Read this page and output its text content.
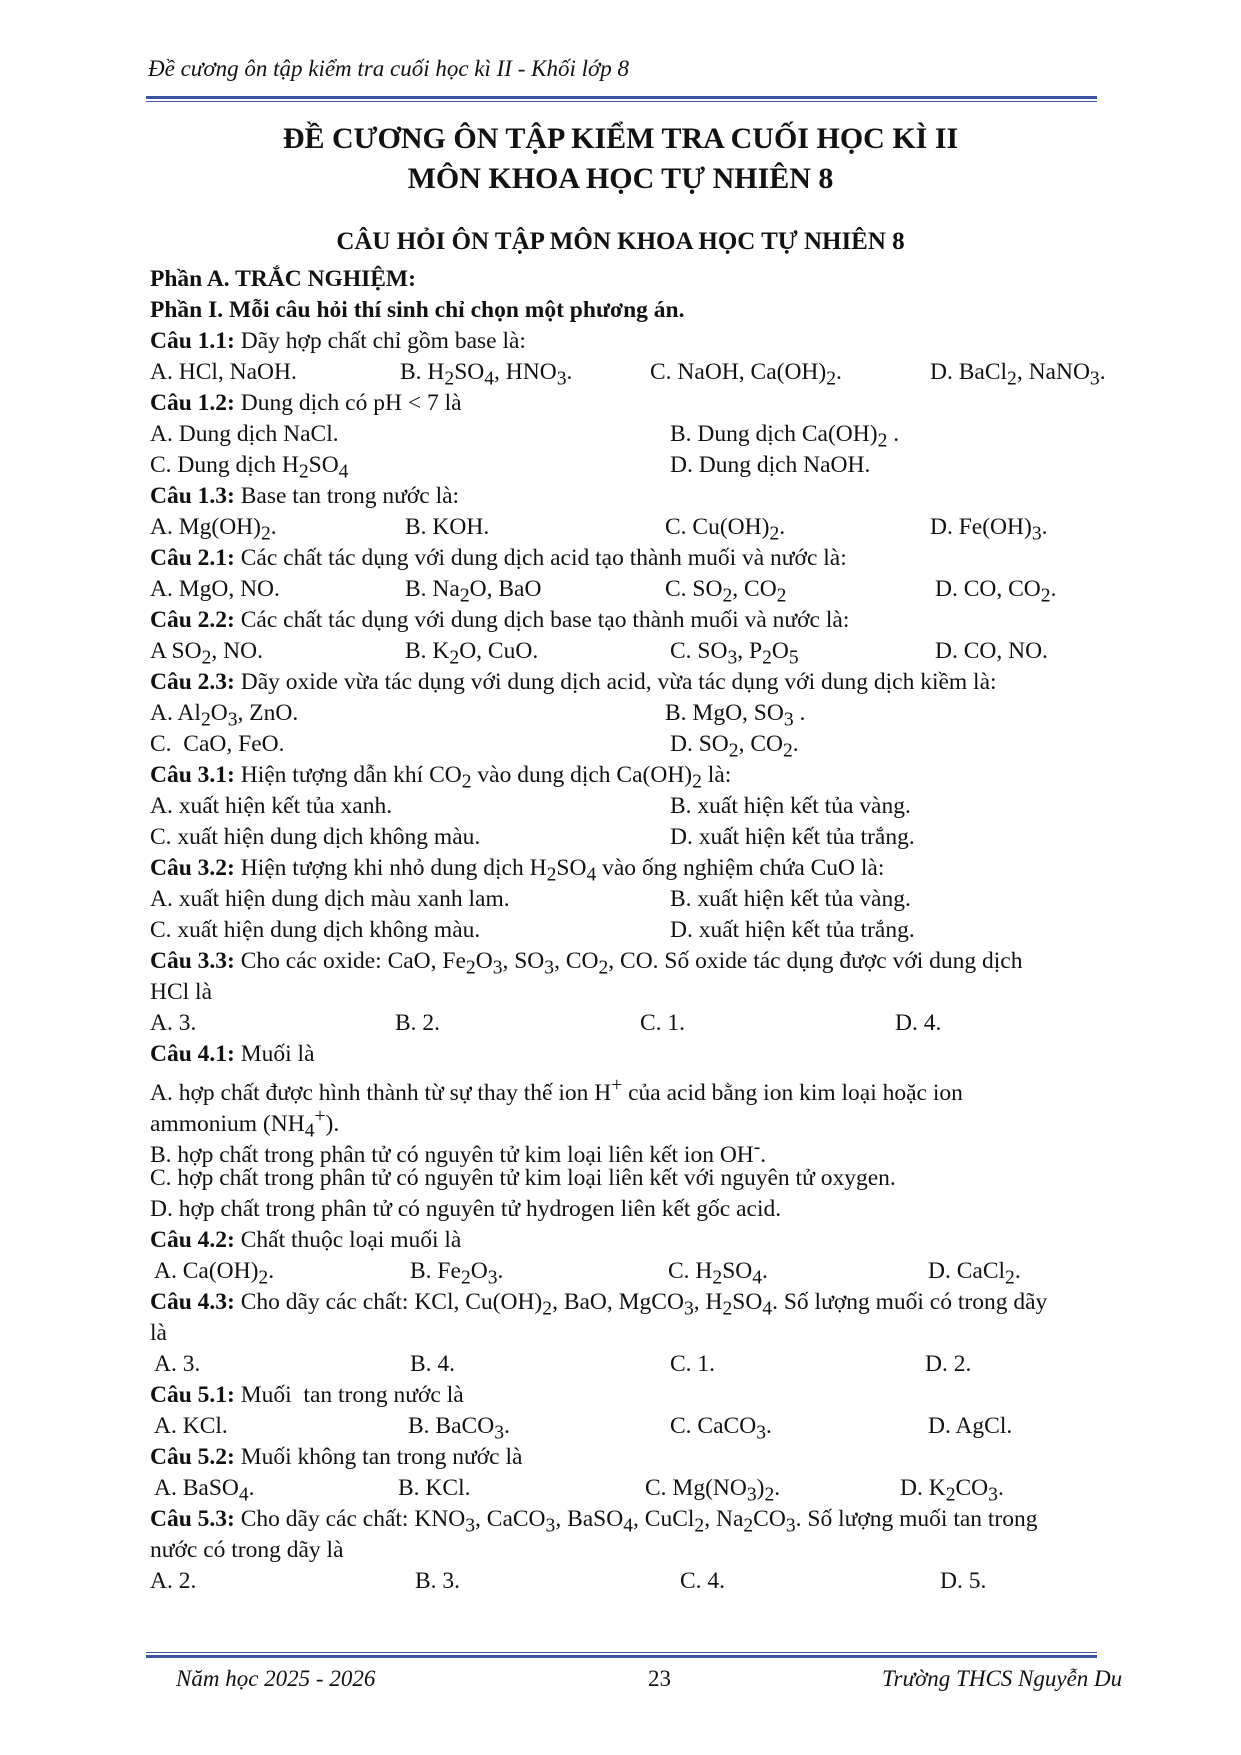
Đề cương ôn tập kiểm tra cuối học kì II - Khối lớp 8
ĐỀ CƯƠNG ÔN TẬP KIỂM TRA CUỐI HỌC KÌ II
MÔN KHOA HỌC TỰ NHIÊN 8
CÂU HỎI ÔN TẬP MÔN KHOA HỌC TỰ NHIÊN 8
Phần A. TRẮC NGHIỆM:
Phần I. Mỗi câu hỏi thí sinh chỉ chọn một phương án.
Câu 1.1: Dãy hợp chất chỉ gồm base là:
A. HCl, NaOH.	B. $H_2SO_4$, $HNO_3$.	C. NaOH, $Ca(OH)_2$.	D. BaCl$_2$, NaNO$_3$.
Câu 1.2: Dung dịch có pH < 7 là
A. Dung dịch NaCl.	B. Dung dịch $Ca(OH)_2$ .
C. Dung dịch $H_2SO_4$	D. Dung dịch NaOH.
Câu 1.3: Base tan trong nước là:
A. $Mg(OH)_2$.	B. KOH.	C. $Cu(OH)_2$.	D. $Fe(OH)_3$.
Câu 2.1: Các chất tác dụng với dung dịch acid tạo thành muối và nước là:
A. MgO, NO.	B. $Na_2O$, BaO	C. $SO_2$, $CO_2$	D. CO, $CO_2$.
Câu 2.2: Các chất tác dụng với dung dịch base tạo thành muối và nước là:
A $SO_2$, NO.	B. $K_2O$, CuO.	C. $SO_3$, $P_2O_5$	D. CO, NO.
Câu 2.3: Dãy oxide vừa tác dụng với dung dịch acid, vừa tác dụng với dung dịch kiềm là:
A. $Al_2O_3$, ZnO.	B. MgO, $SO_3$ .
C.  CaO, FeO.	D. $SO_2$, $CO_2$.
Câu 3.1: Hiện tượng dẫn khí $CO_2$ vào dung dịch $Ca(OH)_2$ là:
A. xuất hiện kết tủa xanh.	B. xuất hiện kết tủa vàng.
C. xuất hiện dung dịch không màu.	D. xuất hiện kết tủa trắng.
Câu 3.2: Hiện tượng khi nhỏ dung dịch $H_2SO_4$ vào ống nghiệm chứa CuO là:
A. xuất hiện dung dịch màu xanh lam.	B. xuất hiện kết tủa vàng.
C. xuất hiện dung dịch không màu.	D. xuất hiện kết tủa trắng.
Câu 3.3: Cho các oxide: CaO, $Fe_2O_3$, $SO_3$, $CO_2$, CO. Số oxide tác dụng được với dung dịch
HCl là
A. 3.	B. 2.	C. 1.	D. 4.
Câu 4.1: Muối là
A. hợp chất được hình thành từ sự thay thế ion H+ của acid bằng ion kim loại hoặc ion
ammonium $(NH_4^+)$.
B. hợp chất trong phân tử có nguyên tử kim loại liên kết ion OH-.
C. hợp chất trong phân tử có nguyên tử kim loại liên kết với nguyên tử oxygen.
D. hợp chất trong phân tử có nguyên tử hydrogen liên kết gốc acid.
Câu 4.2: Chất thuộc loại muối là
A. $Ca(OH)_2$.	B. $Fe_2O_3$.	C. $H_2SO_4$.	D. CaCl$_2$.
Câu 4.3: Cho dãy các chất: KCl, $Cu(OH)_2$, BaO, MgCO$_3$, $H_2SO_4$. Số lượng muối có trong dãy
là
A. 3.	B. 4.	C. 1.	D. 2.
Câu 5.1: Muối  tan trong nước là
A. KCl.	B. BaCO$_3$.	C. CaCO$_3$.	D. AgCl.
Câu 5.2: Muối không tan trong nước là
A. BaSO$_4$.	B. KCl.	C. $Mg(NO_3)_2$.	D. $K_2CO_3$.
Câu 5.3: Cho dãy các chất: $KNO_3$, CaCO$_3$, BaSO$_4$, CuCl$_2$, $Na_2CO_3$. Số lượng muối tan trong
nước có trong dãy là
A. 2.	B. 3.	C. 4.	D. 5.
Năm học 2025 - 2026	23	Trường THCS Nguyễn Du
